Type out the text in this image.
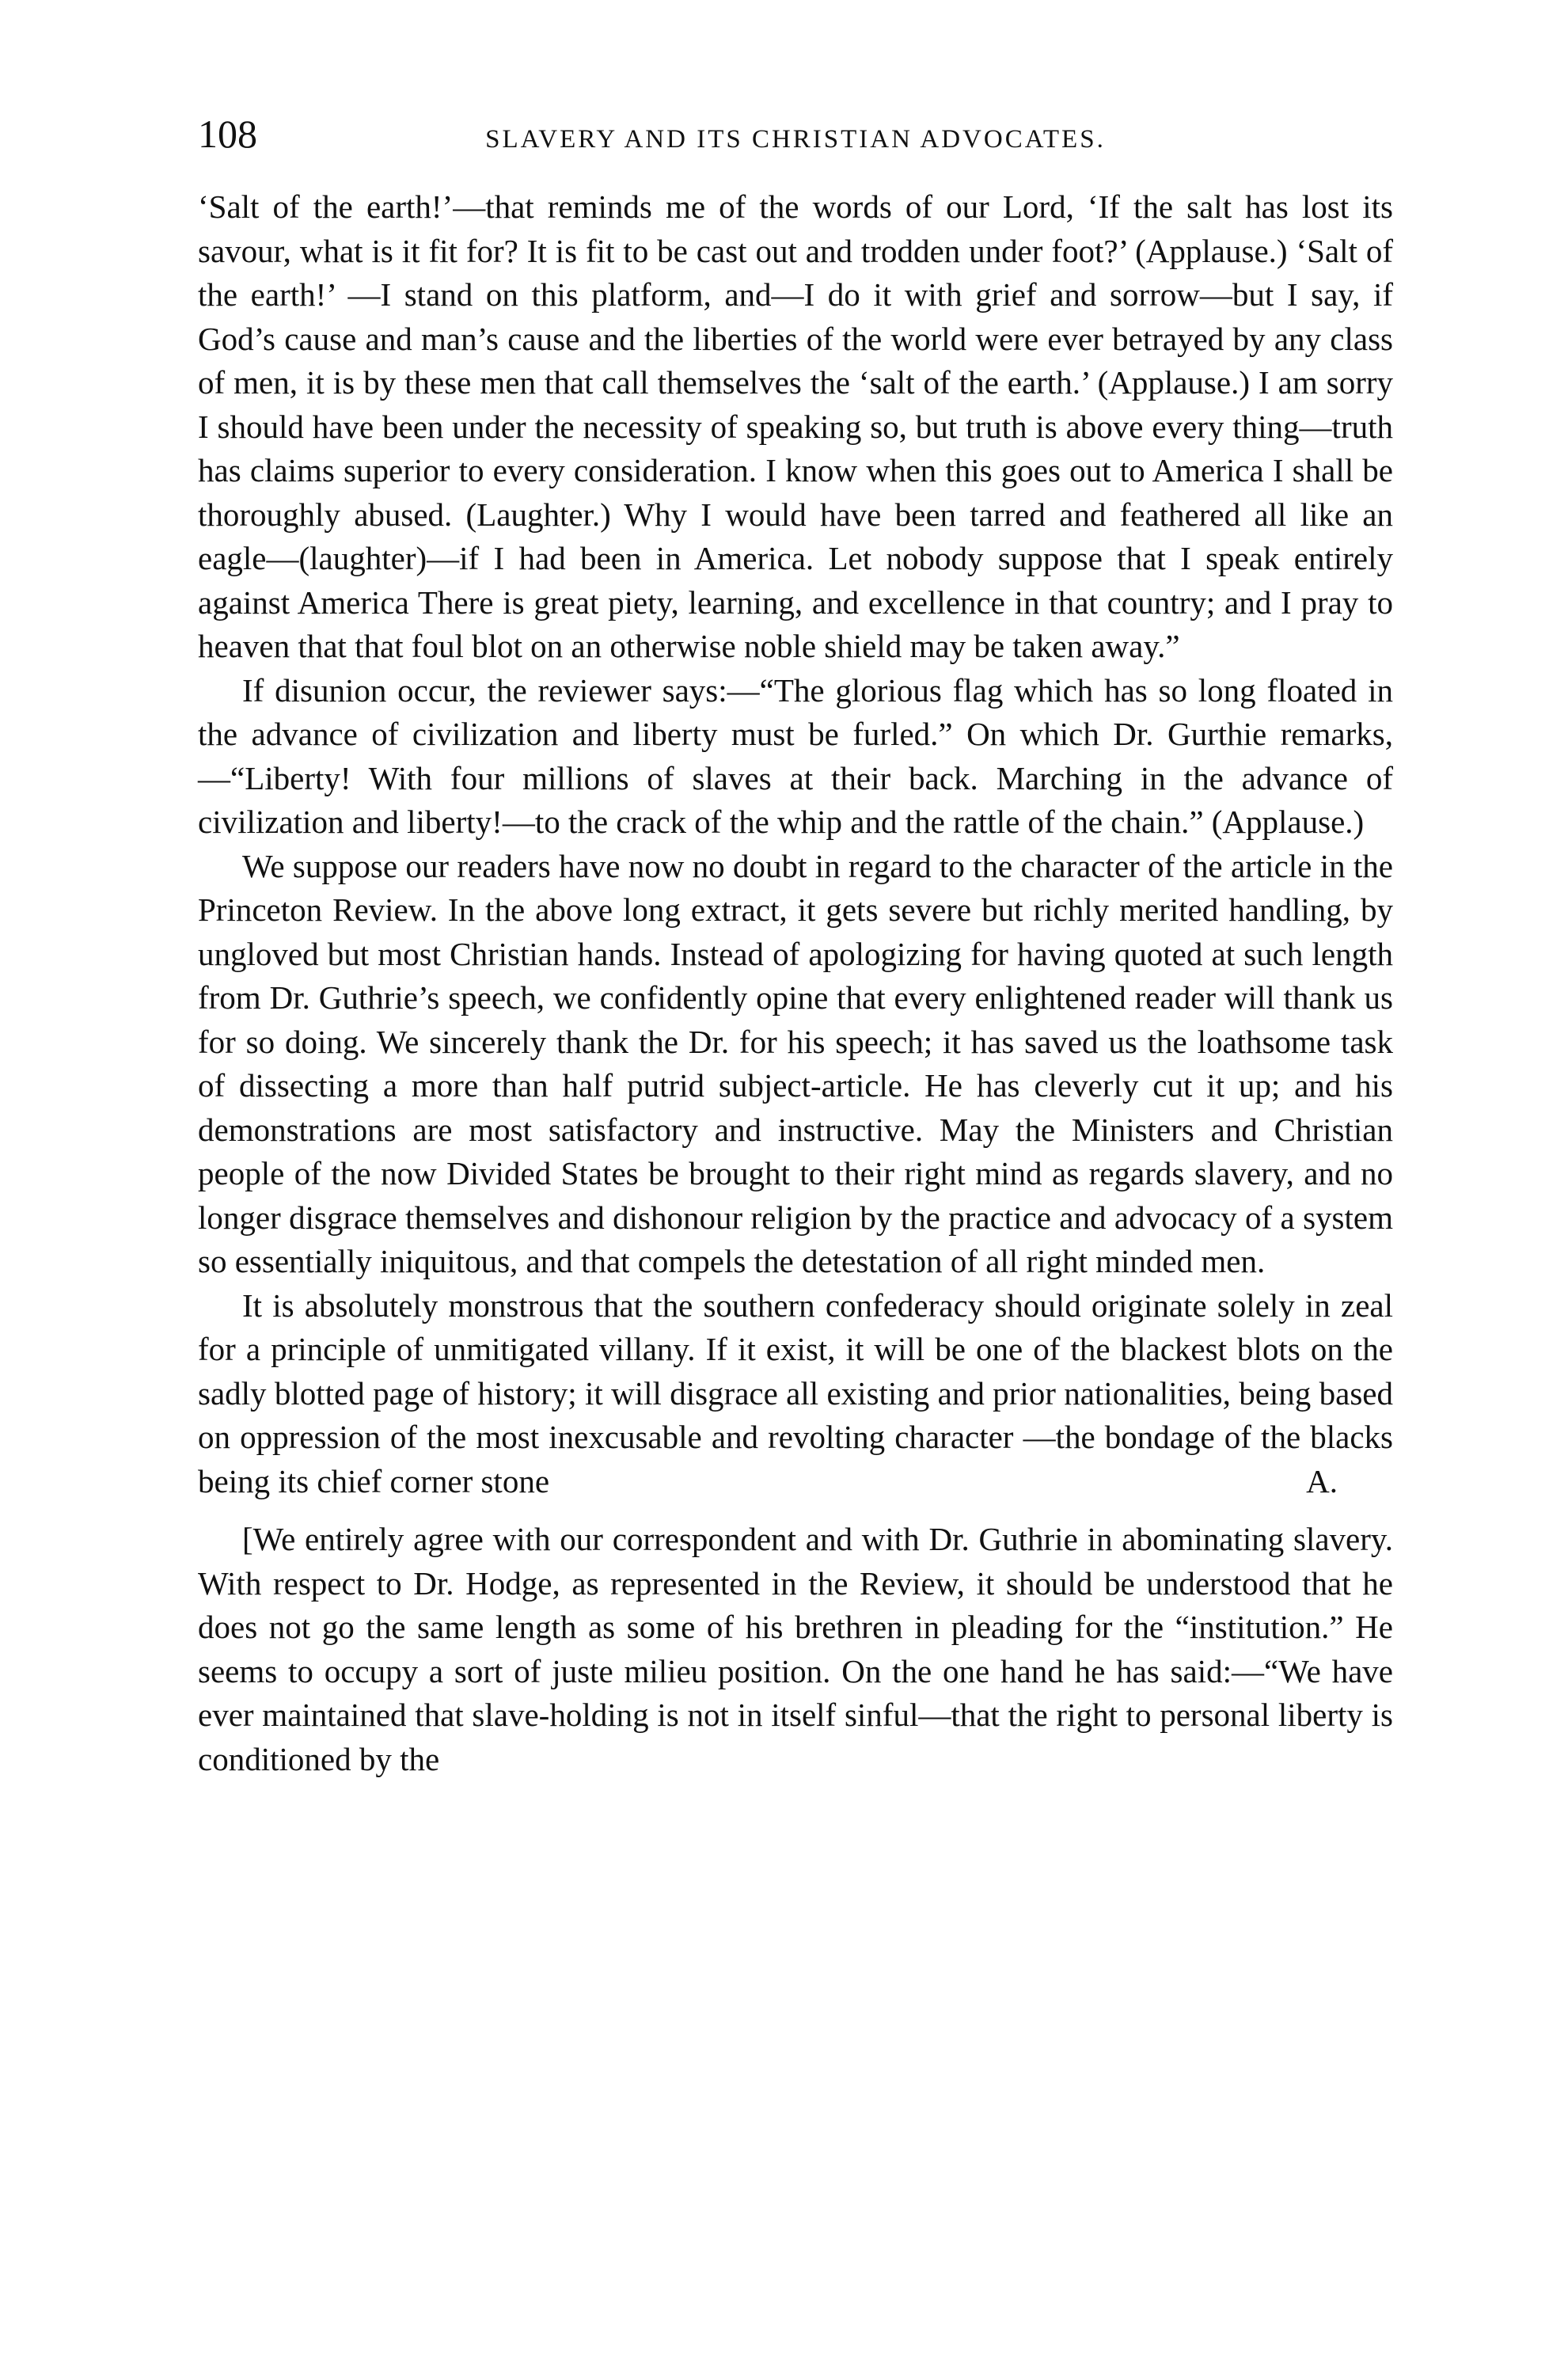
108	SLAVERY AND ITS CHRISTIAN ADVOCATES.

‘Salt of the earth!’—that reminds me of the words of our Lord, ‘If the salt has lost its savour, what is it fit for? It is fit to be cast out and trodden under foot?’ (Applause.) ‘Salt of the earth!’ —I stand on this platform, and—I do it with grief and sorrow—but I say, if God’s cause and man’s cause and the liberties of the world were ever betrayed by any class of men, it is by these men that call themselves the ‘salt of the earth.’ (Applause.) I am sorry I should have been under the necessity of speaking so, but truth is above every thing—truth has claims superior to every consideration. I know when this goes out to America I shall be thoroughly abused. (Laughter.) Why I would have been tarred and feathered all like an eagle—(laughter)—if I had been in America. Let nobody suppose that I speak entirely against America There is great piety, learning, and excellence in that country; and I pray to heaven that that foul blot on an otherwise noble shield may be taken away.”

If disunion occur, the reviewer says:—“The glorious flag which has so long floated in the advance of civilization and liberty must be furled.” On which Dr. Gurthie remarks,—“Liberty! With four millions of slaves at their back. Marching in the advance of civilization and liberty!—to the crack of the whip and the rattle of the chain.” (Applause.)

We suppose our readers have now no doubt in regard to the character of the article in the Princeton Review. In the above long extract, it gets severe but richly merited handling, by ungloved but most Christian hands. Instead of apologizing for having quoted at such length from Dr. Guthrie’s speech, we confidently opine that every enlightened reader will thank us for so doing. We sincerely thank the Dr. for his speech; it has saved us the loathsome task of dissecting a more than half putrid subject-article. He has cleverly cut it up; and his demonstrations are most satisfactory and instructive. May the Ministers and Christian people of the now Divided States be brought to their right mind as regards slavery, and no longer disgrace themselves and dishonour religion by the practice and advocacy of a system so essentially iniquitous, and that compels the detestation of all right minded men.

It is absolutely monstrous that the southern confederacy should originate solely in zeal for a principle of unmitigated villany. If it exist, it will be one of the blackest blots on the sadly blotted page of history; it will disgrace all existing and prior nationalities, being based on oppression of the most inexcusable and revolting character —the bondage of the blacks being its chief corner stone	A.

[We entirely agree with our correspondent and with Dr. Guthrie in abominating slavery. With respect to Dr. Hodge, as represented in the Review, it should be understood that he does not go the same length as some of his brethren in pleading for the “institution.” He seems to occupy a sort of juste milieu position. On the one hand he has said:—“We have ever maintained that slave-holding is not in itself sinful—that the right to personal liberty is conditioned by the
